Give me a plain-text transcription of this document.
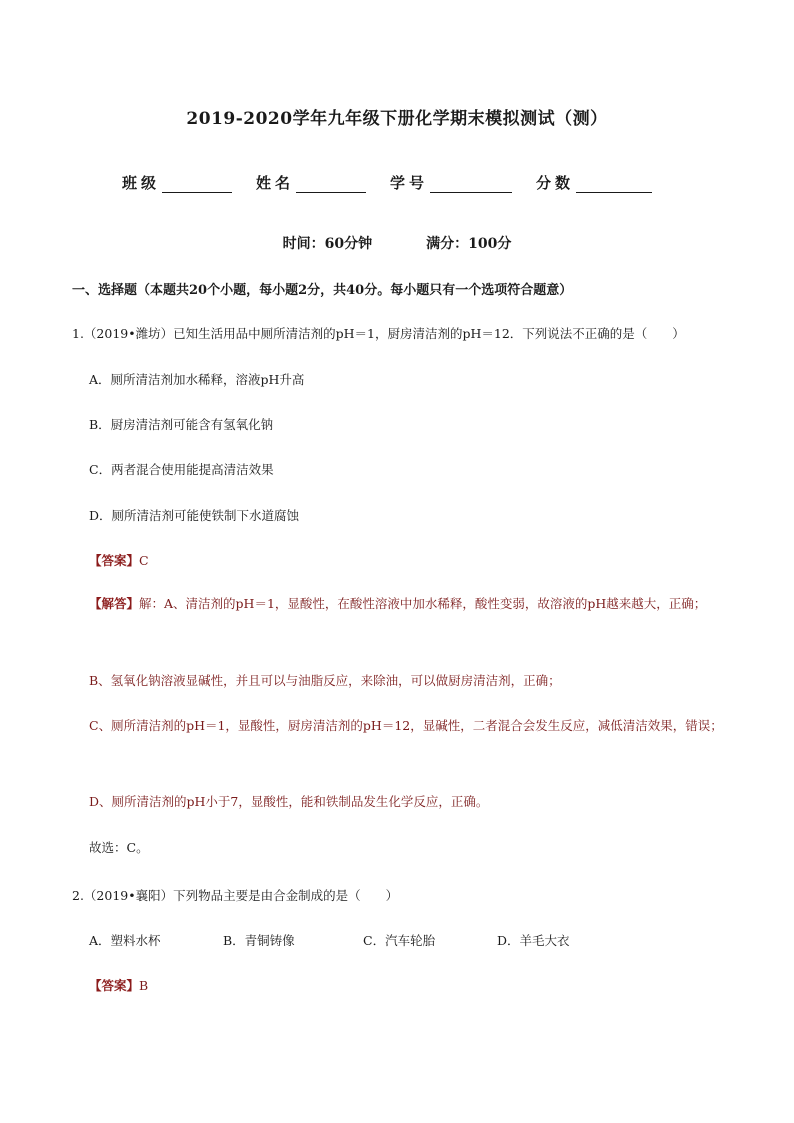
2019-2020学年九年级下册化学期末模拟测试（测）
班级	姓名	学号	分数
时间：60分钟	满分：100分
一、选择题（本题共20个小题，每小题2分，共40分。每小题只有一个选项符合题意）
1.（2019•潍坊）已知生活用品中厕所清洁剂的pH＝1，厨房清洁剂的pH＝12．下列说法不正确的是（　　）
A．厕所清洁剂加水稀释，溶液pH升高
B．厨房清洁剂可能含有氢氧化钠
C．两者混合使用能提高清洁效果
D．厕所清洁剂可能使铁制下水道腐蚀
【答案】C
【解答】解：A、清洁剂的pH＝1，显酸性，在酸性溶液中加水稀释，酸性变弱，故溶液的pH越来越大，正确；
B、氢氧化钠溶液显碱性，并且可以与油脂反应，来除油，可以做厨房清洁剂，正确；
C、厕所清洁剂的pH＝1，显酸性，厨房清洁剂的pH＝12，显碱性，二者混合会发生反应，减低清洁效果，错误；
D、厕所清洁剂的pH小于7，显酸性，能和铁制品发生化学反应，正确。
故选：C。
2.（2019•襄阳）下列物品主要是由合金制成的是（　　）
A．塑料水杯	B．青铜铸像	C．汽车轮胎	D．羊毛大衣
【答案】B
